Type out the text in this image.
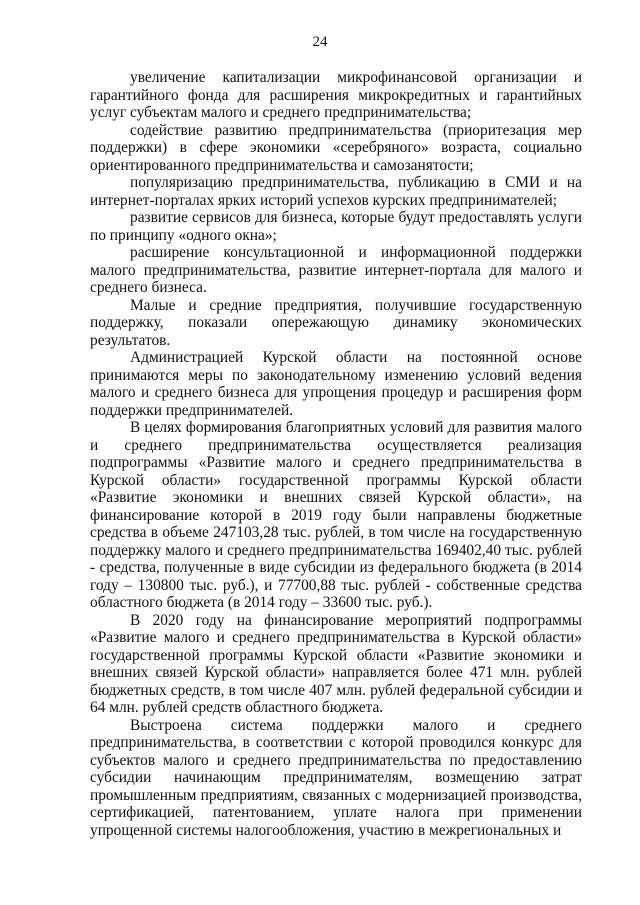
24

увеличение капитализации микрофинансовой организации и гарантийного фонда для расширения микрокредитных и гарантийных услуг субъектам малого и среднего предпринимательства;

содействие развитию предпринимательства (приоритезация мер поддержки) в сфере экономики «серебряного» возраста, социально ориентированного предпринимательства и самозанятости;

популяризацию предпринимательства, публикацию в СМИ и на интернет-порталах ярких историй успехов курских предпринимателей;

развитие сервисов для бизнеса, которые будут предоставлять услуги по принципу «одного окна»;

расширение консультационной и информационной поддержки малого предпринимательства, развитие интернет-портала для малого и среднего бизнеса.

Малые и средние предприятия, получившие государственную поддержку, показали опережающую динамику экономических результатов.

Администрацией Курской области на постоянной основе принимаются меры по законодательному изменению условий ведения малого и среднего бизнеса для упрощения процедур и расширения форм поддержки предпринимателей.

В целях формирования благоприятных условий для развития малого и среднего предпринимательства осуществляется реализация подпрограммы «Развитие малого и среднего предпринимательства в Курской области» государственной программы Курской области «Развитие экономики и внешних связей Курской области», на финансирование которой в 2019 году были направлены бюджетные средства в объеме 247103,28 тыс. рублей, в том числе на государственную поддержку малого и среднего предпринимательства 169402,40 тыс. рублей - средства, полученные в виде субсидии из федерального бюджета (в 2014 году – 130800 тыс. руб.), и 77700,88 тыс. рублей - собственные средства областного бюджета (в 2014 году – 33600 тыс. руб.).

В 2020 году на финансирование мероприятий подпрограммы «Развитие малого и среднего предпринимательства в Курской области» государственной программы Курской области «Развитие экономики и внешних связей Курской области» направляется более 471 млн. рублей бюджетных средств, в том числе 407 млн. рублей федеральной субсидии и 64 млн. рублей средств областного бюджета.

Выстроена система поддержки малого и среднего предпринимательства, в соответствии с которой проводился конкурс для субъектов малого и среднего предпринимательства по предоставлению субсидии начинающим предпринимателям, возмещению затрат промышленным предприятиям, связанных с модернизацией производства, сертификацией, патентованием, уплате налога при применении упрощенной системы налогообложения, участию в межрегиональных и
